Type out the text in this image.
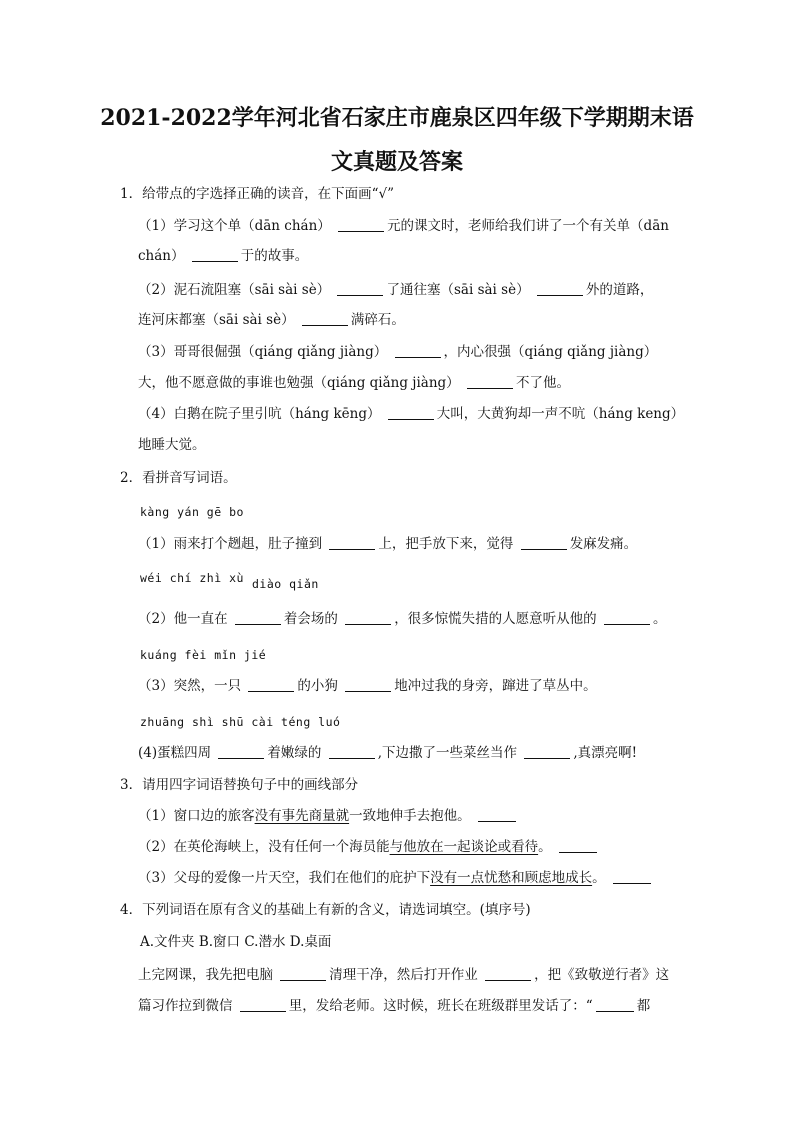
2021-2022学年河北省石家庄市鹿泉区四年级下学期期末语
文真题及答案
1．给带点的字选择正确的读音，在下面画“√”
（1）学习这个单（dān chán）	元的课文时，老师给我们讲了一个有关单（dān
chán）	于的故事。
（2）泥石流阻塞（sāi sài sè）	了通往塞（sāi sài sè）	外的道路，
连河床都塞（sāi sài sè）	满碎石。
（3）哥哥很倔强（qiáng qiǎng jiàng）	，内心很强（qiáng qiǎng jiàng）
大，他不愿意做的事谁也勉强（qiáng qiǎng jiàng）	不了他。
（4）白鹅在院子里引吭（háng kēng）	大叫，大黄狗却一声不吭（háng keng）
地睡大觉。
2．看拼音写词语。
kàng yán gē bo
（1）雨来打个趔趄，肚子撞到	上，把手放下来，觉得	发麻发痛。
wéi chí zhì xù diào qiǎn
（2）他一直在	着会场的	，很多惊慌失措的人愿意听从他的	。
kuáng fèi mǐn jié
（3）突然，一只	的小狗	地冲过我的身旁，蹿进了草丛中。
zhuāng shì shū cài téng luó
(4)蛋糕四周	着嫩绿的	,下边撒了一些菜丝当作	,真漂亮啊!
3．请用四字词语替换句子中的画线部分
（1）窗口边的旅客没有事先商量就一致地伸手去抱他。
（2）在英伦海峡上，没有任何一个海员能与他放在一起谈论或看待。
（3）父母的爱像一片天空，我们在他们的庇护下没有一点忧愁和顾虑地成长。
4．下列词语在原有含义的基础上有新的含义，请选词填空。(填序号)
A.文件夹 B.窗口 C.潜水 D.桌面
上完网课，我先把电脑	清理干净，然后打开作业	，把《致敬逆行者》这
篇习作拉到微信	里，发给老师。这时候，班长在班级群里发话了：“	都
